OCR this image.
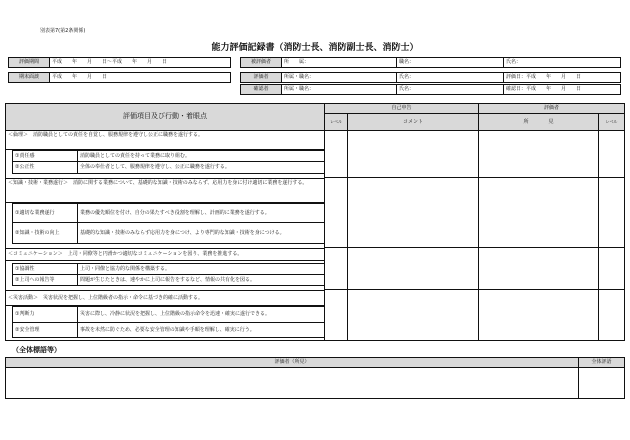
別表第7(第2条関係)
能力評価記録書（消防士長、消防副士長、消防士）
評価期間	平成　　年　　月　　日〜平成　　年　　月　　日
期末面談	平成　　年　　月　　日
被評価者	所　　属：	職名：	氏名：
評価者	所属・職名：	氏名：	評価日：平成　　年　　月　　日
確認者	所属・職名：	氏名：	確認日：平成　　年　　月　　日
評価項目及び行動・着眼点
自己申告	評価者
レベル	コメント	所　　　　見	レベル
＜倫理＞　消防職員としての責任を自覚し、服務規律を遵守し公正に職務を遂行する。
①責任感	消防職員としての責任を持って業務に取り組む。
②公正性	全体の奉仕者として、服務規律を遵守し、公正に職務を遂行する。
＜知識・技術・業務遂行＞　消防に関する業務について、基礎的な知識・技術のみならず、応用力を身に付け適切に業務を遂行する。
①適切な業務遂行	業務の優先順位を付け、自分の果たすべき役割を理解し、計画的に業務を遂行する。
②知識・技術の向上	基礎的な知識・技術のみならず応用力を身につけ、より専門的な知識・技術を身につける。
＜コミュニケーション＞　上司・同僚等と円滑かつ適切なコミュニケーションを図り、業務を推進する。
①協調性	上司・同僚と協力的な関係を構築する。
②上司への報告等	問題が生じたときは、速やかに上司に報告をするなど、情報の共有化を図る。
＜災害活動＞　災害状況を把握し、上位階級者の指示・命令に基づき的確に活動する。
①判断力	災害に際し、冷静に状況を把握し、上位階級の指示命令を迅速・確実に遂行できる。
②安全管理	事故を未然に防ぐため、必要な安全管理の知識や手順を理解し、確実に行う。
（全体標語等）
評価者（所見）	全体評語
